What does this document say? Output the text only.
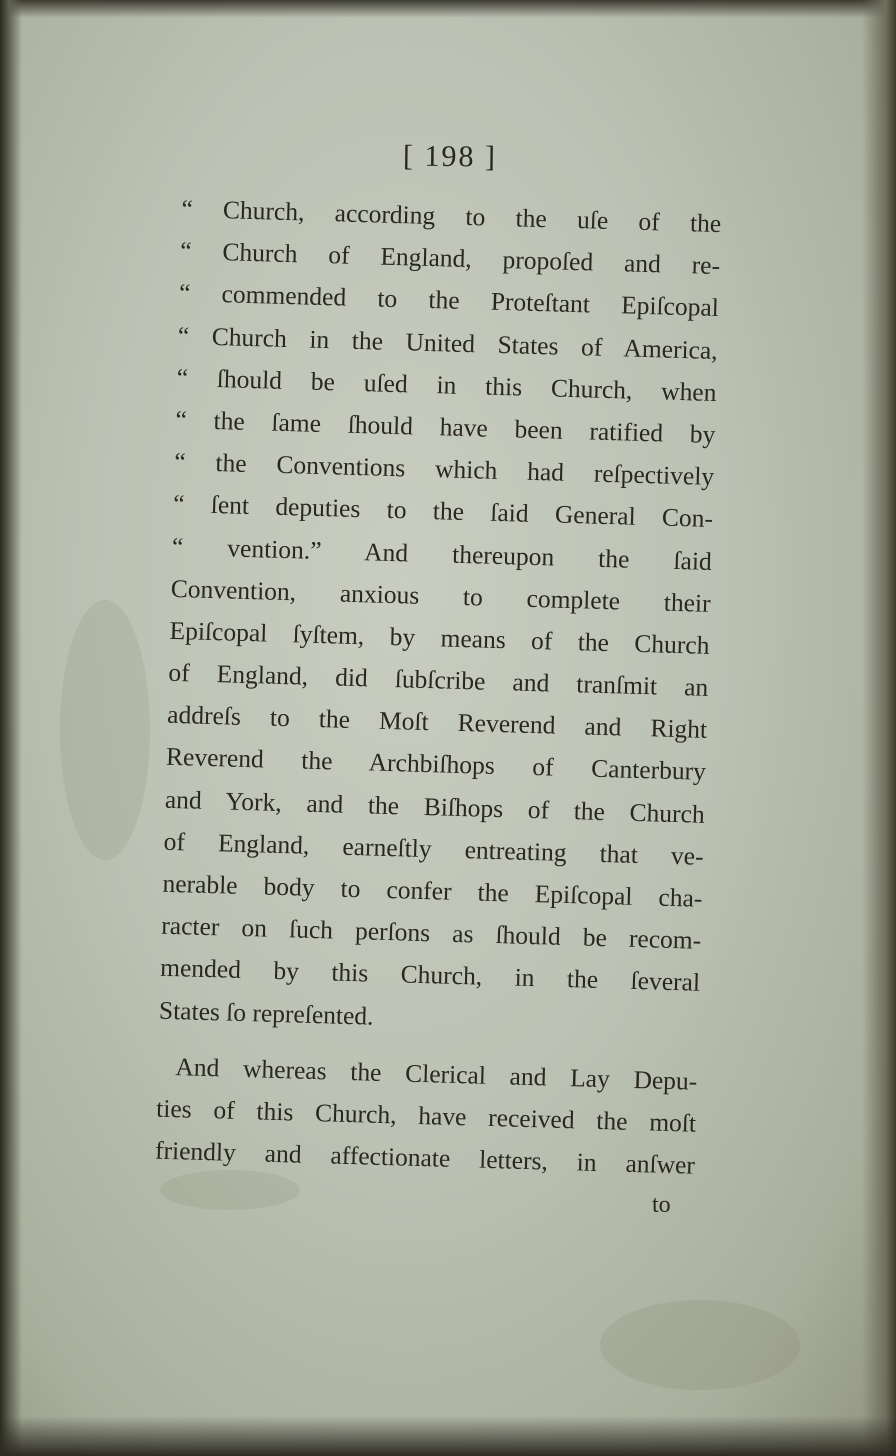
[ 198 ]
“ Church, according to the uſe of the
“ Church of England, propoſed and re-
“ commended to the Proteſtant Epiſcopal
“ Church in the United States of America,
“ ſhould be uſed in this Church, when
“ the ſame ſhould have been ratified by
“ the Conventions which had reſpectively
“ ſent deputies to the ſaid General Con-
“ vention.” And thereupon the ſaid
Convention, anxious to complete their
Epiſcopal ſyſtem, by means of the Church
of England, did ſubſcribe and tranſmit an
addreſs to the Moſt Reverend and Right
Reverend the Archbiſhops of Canterbury
and York, and the Biſhops of the Church
of England, earneſtly entreating that ve-
nerable body to confer the Epiſcopal cha-
racter on ſuch perſons as ſhould be recom-
mended by this Church, in the ſeveral
States ſo repreſented.
And whereas the Clerical and Lay Depu-
ties of this Church, have received the moſt
friendly and affectionate letters, in anſwer
to
